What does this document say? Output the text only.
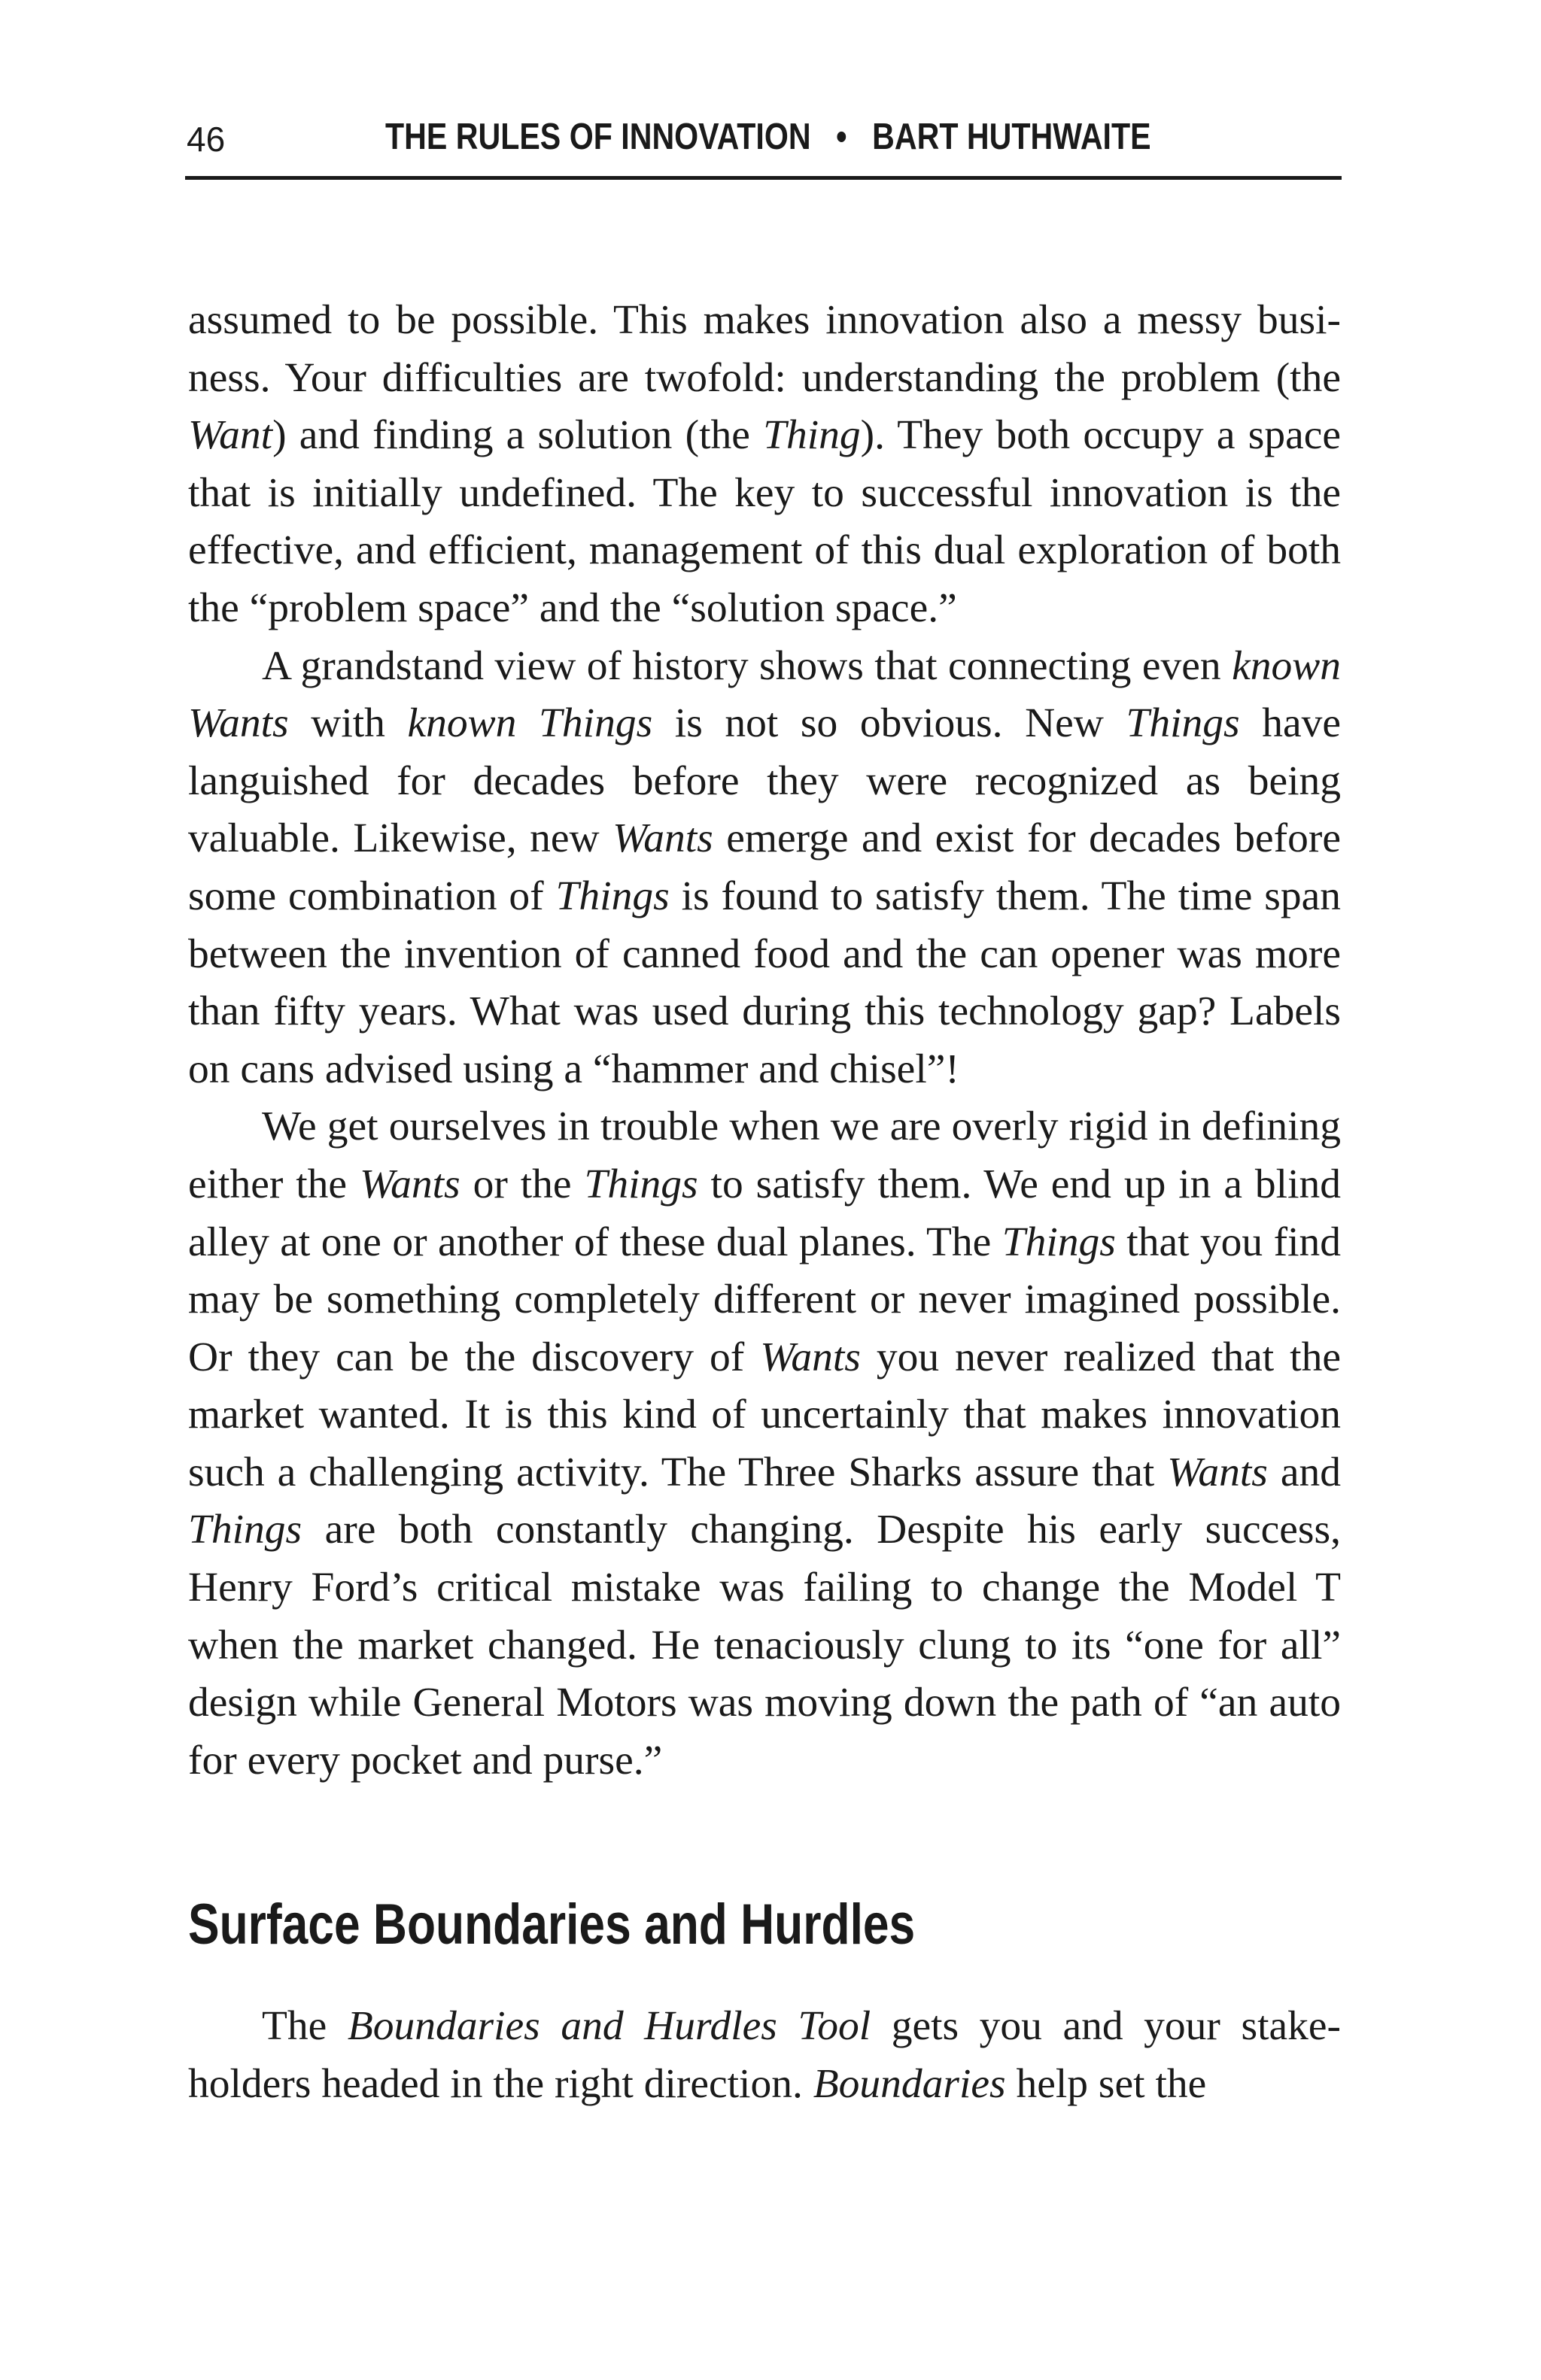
46	THE RULES OF INNOVATION • BART HUTHWAITE

assumed to be possible. This makes innovation also a messy business. Your difficulties are twofold: understanding the problem (the Want) and finding a solution (the Thing). They both occupy a space that is initially undefined. The key to successful innovation is the effective, and efficient, management of this dual exploration of both the “problem space” and the “solution space.”

A grandstand view of history shows that connecting even known Wants with known Things is not so obvious. New Things have languished for decades before they were recognized as being valuable. Likewise, new Wants emerge and exist for decades before some combination of Things is found to satisfy them. The time span between the invention of canned food and the can opener was more than fifty years. What was used during this technology gap? Labels on cans advised using a “hammer and chisel”!

We get ourselves in trouble when we are overly rigid in defining either the Wants or the Things to satisfy them. We end up in a blind alley at one or another of these dual planes. The Things that you find may be something completely different or never imagined possible. Or they can be the discovery of Wants you never realized that the market wanted. It is this kind of uncertainly that makes innovation such a challenging activity. The Three Sharks assure that Wants and Things are both constantly changing. Despite his early success, Henry Ford’s critical mistake was failing to change the Model T when the market changed. He tenaciously clung to its “one for all” design while General Motors was moving down the path of “an auto for every pocket and purse.”

Surface Boundaries and Hurdles

The Boundaries and Hurdles Tool gets you and your stakeholders headed in the right direction. Boundaries help set the
